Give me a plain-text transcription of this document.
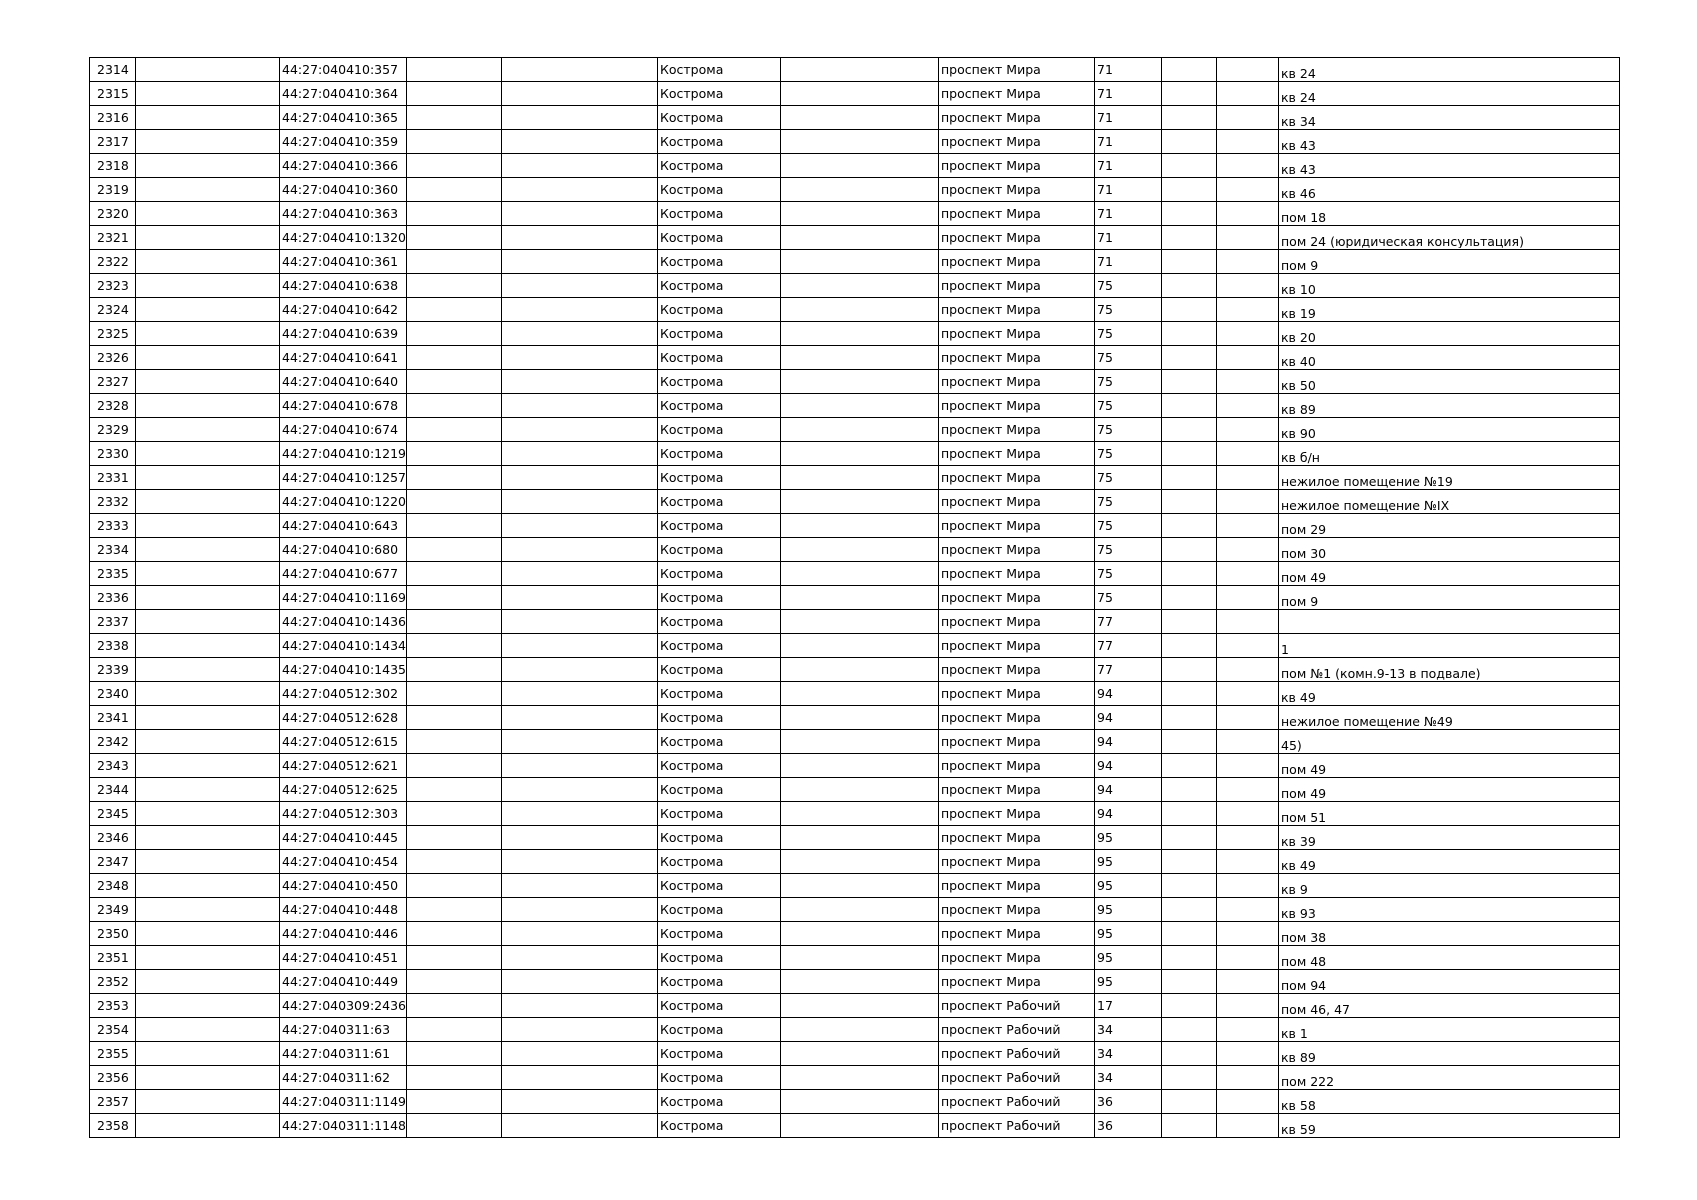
2314		44:27:040410:357			Кострома		проспект Мира	71			кв 24

2315		44:27:040410:364			Кострома		проспект Мира	71			кв 24

2316		44:27:040410:365			Кострома		проспект Мира	71			кв 34

2317		44:27:040410:359			Кострома		проспект Мира	71			кв 43

2318		44:27:040410:366			Кострома		проспект Мира	71			кв 43

2319		44:27:040410:360			Кострома		проспект Мира	71			кв 46

2320		44:27:040410:363			Кострома		проспект Мира	71			пом 18

2321		44:27:040410:1320			Кострома		проспект Мира	71			пом 24 (юридическая консультация)

2322		44:27:040410:361			Кострома		проспект Мира	71			пом 9

2323		44:27:040410:638			Кострома		проспект Мира	75			кв 10

2324		44:27:040410:642			Кострома		проспект Мира	75			кв 19

2325		44:27:040410:639			Кострома		проспект Мира	75			кв 20

2326		44:27:040410:641			Кострома		проспект Мира	75			кв 40

2327		44:27:040410:640			Кострома		проспект Мира	75			кв 50

2328		44:27:040410:678			Кострома		проспект Мира	75			кв 89

2329		44:27:040410:674			Кострома		проспект Мира	75			кв 90

2330		44:27:040410:1219			Кострома		проспект Мира	75			кв б/н

2331		44:27:040410:1257			Кострома		проспект Мира	75			нежилое помещение №19

2332		44:27:040410:1220			Кострома		проспект Мира	75			нежилое помещение №IX

2333		44:27:040410:643			Кострома		проспект Мира	75			пом 29

2334		44:27:040410:680			Кострома		проспект Мира	75			пом 30

2335		44:27:040410:677			Кострома		проспект Мира	75			пом 49

2336		44:27:040410:1169			Кострома		проспект Мира	75			пом 9

2337		44:27:040410:1436			Кострома		проспект Мира	77			

2338		44:27:040410:1434			Кострома		проспект Мира	77			1

2339		44:27:040410:1435			Кострома		проспект Мира	77			пом №1 (комн.9-13 в подвале)

2340		44:27:040512:302			Кострома		проспект Мира	94			кв 49

2341		44:27:040512:628			Кострома		проспект Мира	94			нежилое помещение №49

2342		44:27:040512:615			Кострома		проспект Мира	94			45)

2343		44:27:040512:621			Кострома		проспект Мира	94			пом 49

2344		44:27:040512:625			Кострома		проспект Мира	94			пом 49

2345		44:27:040512:303			Кострома		проспект Мира	94			пом 51

2346		44:27:040410:445			Кострома		проспект Мира	95			кв 39

2347		44:27:040410:454			Кострома		проспект Мира	95			кв 49

2348		44:27:040410:450			Кострома		проспект Мира	95			кв 9

2349		44:27:040410:448			Кострома		проспект Мира	95			кв 93

2350		44:27:040410:446			Кострома		проспект Мира	95			пом 38

2351		44:27:040410:451			Кострома		проспект Мира	95			пом 48

2352		44:27:040410:449			Кострома		проспект Мира	95			пом 94

2353		44:27:040309:2436			Кострома		проспект Рабочий	17			пом 46, 47

2354		44:27:040311:63			Кострома		проспект Рабочий	34			кв 1

2355		44:27:040311:61			Кострома		проспект Рабочий	34			кв 89

2356		44:27:040311:62			Кострома		проспект Рабочий	34			пом 222

2357		44:27:040311:1149			Кострома		проспект Рабочий	36			кв 58

2358		44:27:040311:1148			Кострома		проспект Рабочий	36			кв 59
